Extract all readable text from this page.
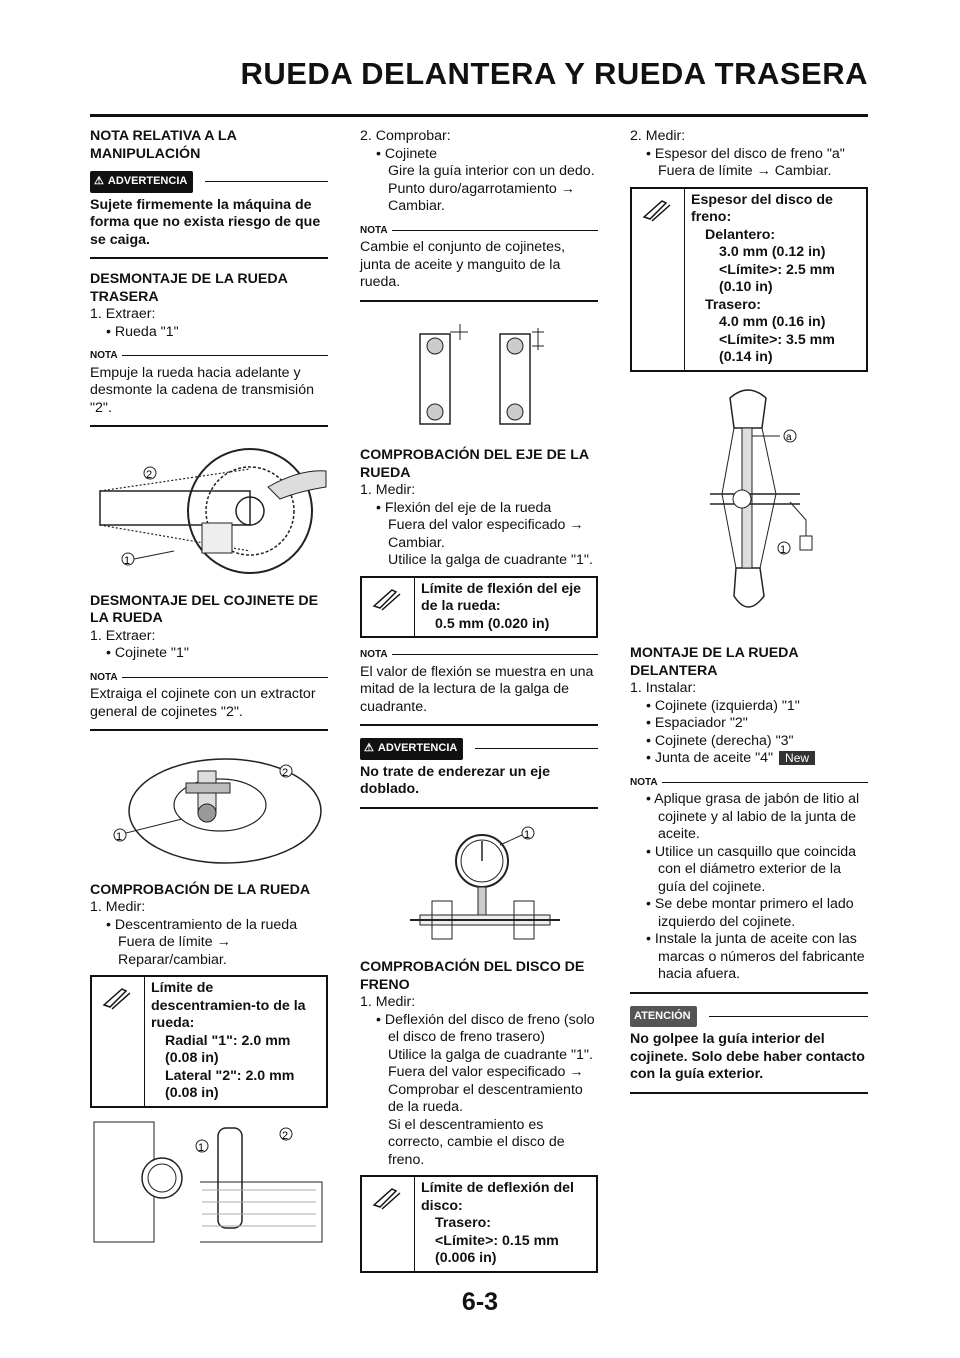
RUEDA DELANTERA Y RUEDA TRASERA

NOTA RELATIVA A LA MANIPULACIÓN

⚠ ADVERTENCIA

Sujete firmemente la máquina de forma que no exista riesgo de que se caiga.

DESMONTAJE DE LA RUEDA TRASERA

1. Extraer:

• Rueda "1"

NOTA

Empuje la rueda hacia adelante y desmonte la cadena de transmisión "2".

2
1

DESMONTAJE DEL COJINETE DE LA RUEDA

1. Extraer:

• Cojinete "1"

NOTA

Extraiga el cojinete con un extractor general de cojinetes "2".

2
1

COMPROBACIÓN DE LA RUEDA

1. Medir:

• Descentramiento de la rueda

Fuera de límite → Reparar/cambiar.

Límite de descentramien-to de la rueda:
Radial "1": 2.0 mm
(0.08 in)
Lateral "2": 2.0 mm
(0.08 in)
1
2

2. Comprobar:

• Cojinete

Gire la guía interior con un dedo.

Punto duro/agarrotamiento →

Cambiar.

NOTA

Cambie el conjunto de cojinetes, junta de aceite y manguito de la rueda.

COMPROBACIÓN DEL EJE DE LA RUEDA

1. Medir:

• Flexión del eje de la rueda

Fuera del valor especificado →

Cambiar.

Utilice la galga de cuadrante "1".

Límite de flexión del eje de la rueda:
0.5 mm (0.020 in)
NOTA

El valor de flexión se muestra en una mitad de la lectura de la galga de cuadrante.

⚠ ADVERTENCIA

No trate de enderezar un eje doblado.

1

COMPROBACIÓN DEL DISCO DE FRENO

1. Medir:

• Deflexión del disco de freno (solo el disco de freno trasero)

Utilice la galga de cuadrante "1".

Fuera del valor especificado →

Comprobar el descentramiento de la rueda.

Si el descentramiento es correcto, cambie el disco de freno.

Límite de deflexión del disco:
Trasero:
<Límite>: 0.15 mm
(0.006 in)

2. Medir:

• Espesor del disco de freno "a"

Fuera de límite → Cambiar.

Espesor del disco de freno:
Delantero:
3.0 mm (0.12 in)
<Límite>: 2.5 mm
(0.10 in)
Trasero:
4.0 mm (0.16 in)
<Límite>: 3.5 mm
(0.14 in)
a
1

MONTAJE DE LA RUEDA DELANTERA

1. Instalar:

• Cojinete (izquierda) "1"

• Espaciador "2"

• Cojinete (derecha) "3"

• Junta de aceite "4" New

NOTA

• Aplique grasa de jabón de litio al cojinete y al labio de la junta de aceite.

• Utilice un casquillo que coincida con el diámetro exterior de la guía del cojinete.

• Se debe montar primero el lado izquierdo del cojinete.

• Instale la junta de aceite con las marcas o números del fabricante hacia afuera.

ATENCIÓN

No golpee la guía interior del cojinete. Solo debe haber contacto con la guía exterior.

6-3
